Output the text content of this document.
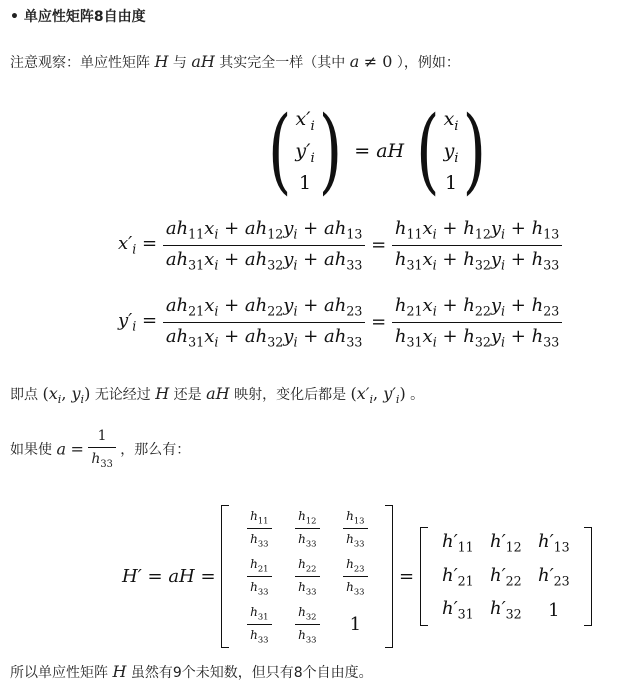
• 单应性矩阵8自由度
注意观察：单应性矩阵 H 与 aH 其实完全一样（其中 a ≠ 0 ），例如：
( $x'_i$
$y'_i$
1 ) = aH ( $x_i$
$y_i$
1 )
$x'_i = \frac{ah_{11}x_i + ah_{12}y_i + ah_{13}}{ah_{31}x_i + ah_{32}y_i + ah_{33}} = \frac{h_{11}x_i + h_{12}y_i + h_{13}}{h_{31}x_i + h_{32}y_i + h_{33}}$
$y'_i = \frac{ah_{21}x_i + ah_{22}y_i + ah_{23}}{ah_{31}x_i + ah_{32}y_i + ah_{33}} = \frac{h_{21}x_i + h_{22}y_i + h_{23}}{h_{31}x_i + h_{32}y_i + h_{33}}$
即点 ($x_i$, $y_i$) 无论经过 H 还是 aH 映射，变化后都是 ($x'_i$, $y'_i$) 。
如果使 $a = \frac{1}{h_{33}}$ ，那么有：
H′ = aH =
$\frac{h_{11}}{h_{33}} \frac{h_{12}}{h_{33}} \frac{h_{13}}{h_{33}}$
$\frac{h_{21}}{h_{33}} \frac{h_{22}}{h_{33}} \frac{h_{23}}{h_{33}}$
$\frac{h_{31}}{h_{33}} \frac{h_{32}}{h_{33}} 1$
=
$h'_{11}$ $h'_{12}$ $h'_{13}$
$h'_{21}$ $h'_{22}$ $h'_{23}$
$h'_{31}$ $h'_{32}$ 1
所以单应性矩阵 H 虽然有9个未知数，但只有8个自由度。
